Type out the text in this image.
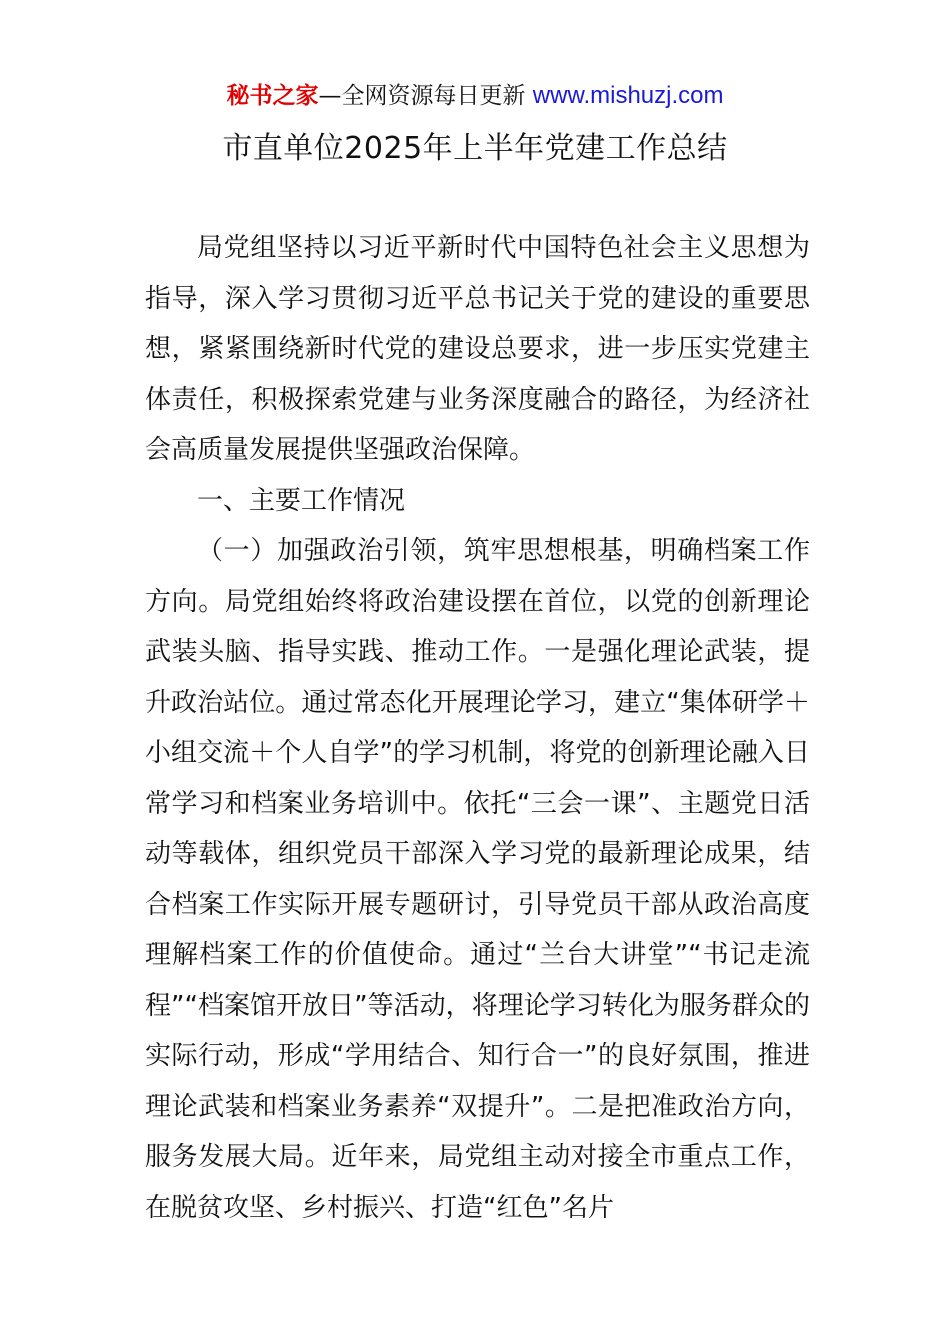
秘书之家—全网资源每日更新 www.mishuzj.com
市直单位2025年上半年党建工作总结

局党组坚持以习近平新时代中国特色社会主义思想为指导，深入学习贯彻习近平总书记关于党的建设的重要思想，紧紧围绕新时代党的建设总要求，进一步压实党建主体责任，积极探索党建与业务深度融合的路径，为经济社会高质量发展提供坚强政治保障。

一、主要工作情况

（一）加强政治引领，筑牢思想根基，明确档案工作方向。局党组始终将政治建设摆在首位，以党的创新理论武装头脑、指导实践、推动工作。一是强化理论武装，提升政治站位。通过常态化开展理论学习，建立“集体研学＋小组交流＋个人自学”的学习机制，将党的创新理论融入日常学习和档案业务培训中。依托“三会一课”、主题党日活动等载体，组织党员干部深入学习党的最新理论成果，结合档案工作实际开展专题研讨，引导党员干部从政治高度理解档案工作的价值使命。通过“兰台大讲堂”“书记走流程”“档案馆开放日”等活动，将理论学习转化为服务群众的实际行动，形成“学用结合、知行合一”的良好氛围，推进理论武装和档案业务素养“双提升”。二是把准政治方向，服务发展大局。近年来，局党组主动对接全市重点工作，在脱贫攻坚、乡村振兴、打造“红色”名片
